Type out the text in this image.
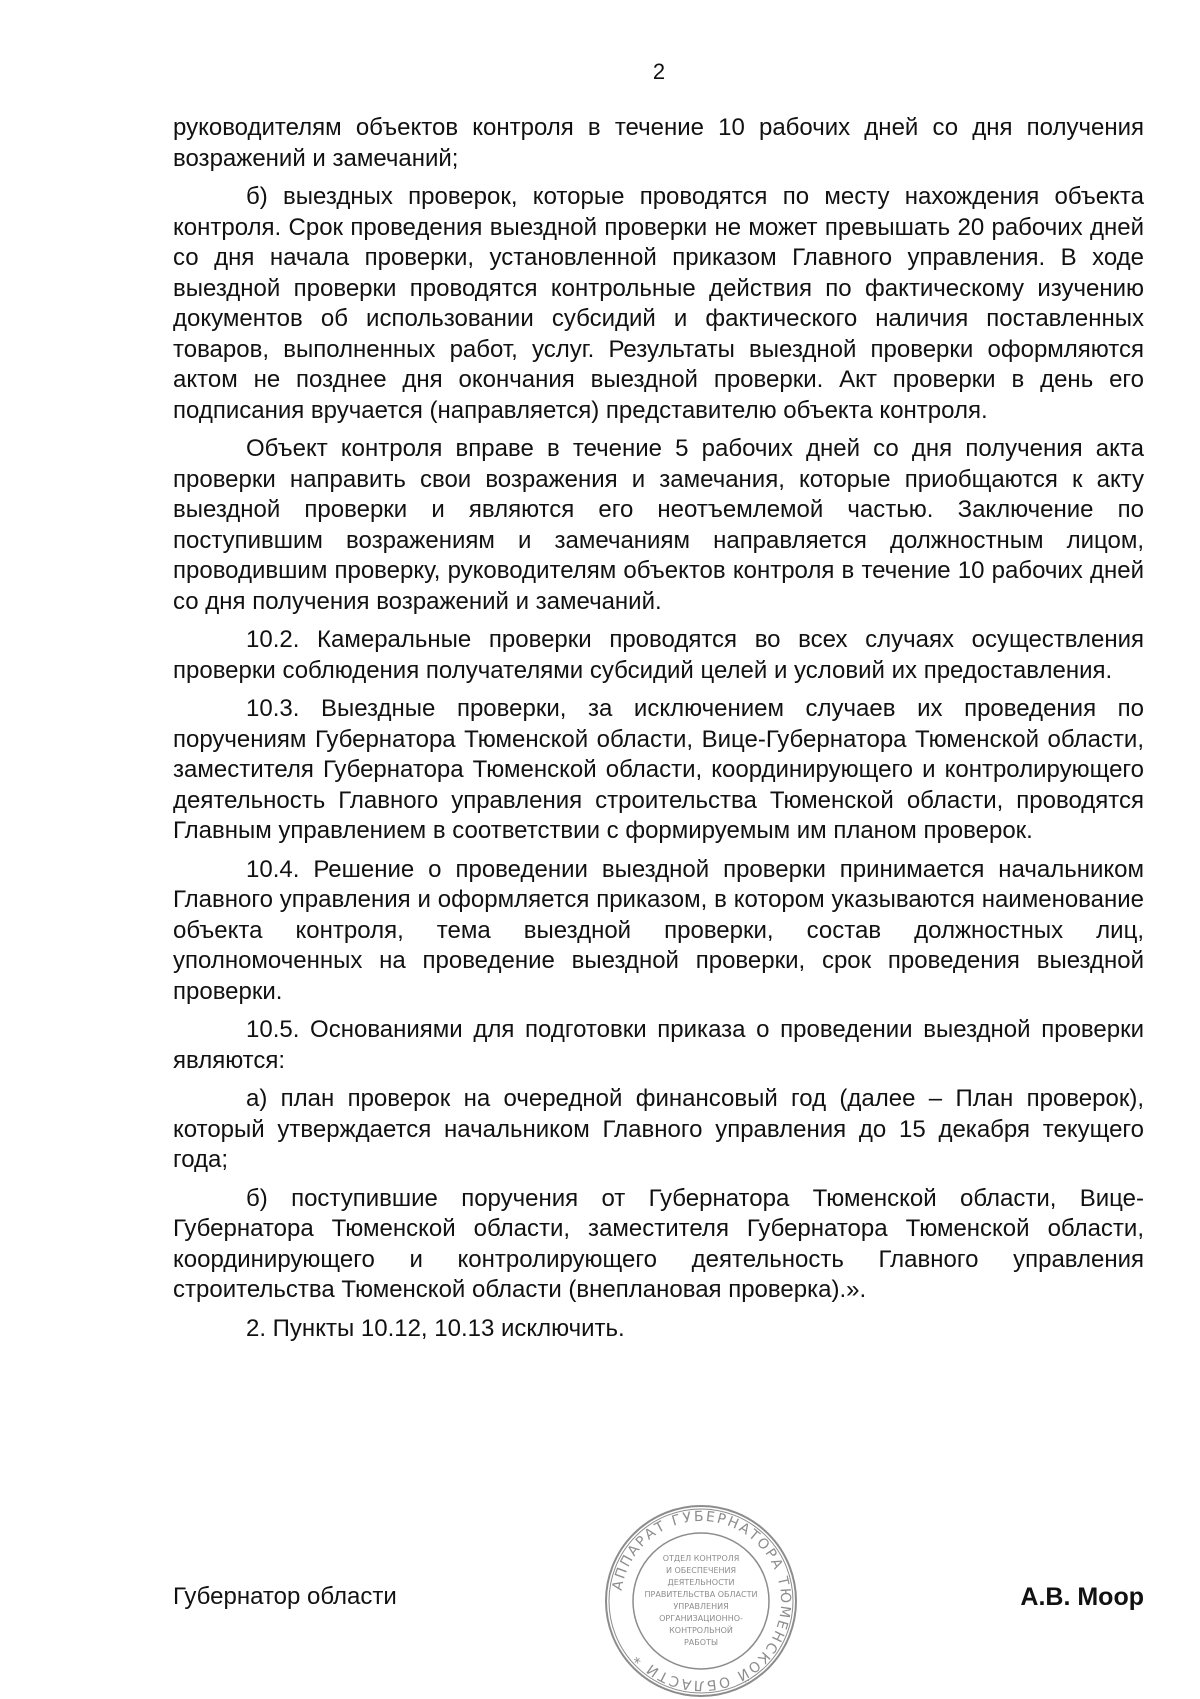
2

руководителям объектов контроля в течение 10 рабочих дней со дня получения возражений и замечаний;

б) выездных проверок, которые проводятся по месту нахождения объекта контроля. Срок проведения выездной проверки не может превышать 20 рабочих дней со дня начала проверки, установленной приказом Главного управления. В ходе выездной проверки проводятся контрольные действия по фактическому изучению документов об использовании субсидий и фактического наличия поставленных товаров, выполненных работ, услуг. Результаты выездной проверки оформляются актом не позднее дня окончания выездной проверки. Акт проверки в день его подписания вручается (направляется) представителю объекта контроля.

Объект контроля вправе в течение 5 рабочих дней со дня получения акта проверки направить свои возражения и замечания, которые приобщаются к акту выездной проверки и являются его неотъемлемой частью. Заключение по поступившим возражениям и замечаниям направляется должностным лицом, проводившим проверку, руководителям объектов контроля в течение 10 рабочих дней со дня получения возражений и замечаний.

10.2. Камеральные проверки проводятся во всех случаях осуществления проверки соблюдения получателями субсидий целей и условий их предоставления.

10.3. Выездные проверки, за исключением случаев их проведения по поручениям Губернатора Тюменской области, Вице-Губернатора Тюменской области, заместителя Губернатора Тюменской области, координирующего и контролирующего деятельность Главного управления строительства Тюменской области, проводятся Главным управлением в соответствии с формируемым им планом проверок.

10.4. Решение о проведении выездной проверки принимается начальником Главного управления и оформляется приказом, в котором указываются наименование объекта контроля, тема выездной проверки, состав должностных лиц, уполномоченных на проведение выездной проверки, срок проведения выездной проверки.

10.5. Основаниями для подготовки приказа о проведении выездной проверки являются:

а) план проверок на очередной финансовый год (далее – План проверок), который утверждается начальником Главного управления до 15 декабря текущего года;

б) поступившие поручения от Губернатора Тюменской области, Вице-Губернатора Тюменской области, заместителя Губернатора Тюменской области, координирующего и контролирующего деятельность Главного управления строительства Тюменской области (внеплановая проверка).».

2. Пункты 10.12, 10.13 исключить.

Губернатор области	А.В. Моор
АППАРАТ ГУБЕРНАТОРА ТЮМЕНСКОЙ ОБЛАСТИ *
ОТДЕЛ КОНТРОЛЯ
И ОБЕСПЕЧЕНИЯ
ДЕЯТЕЛЬНОСТИ
ПРАВИТЕЛЬСТВА ОБЛАСТИ
УПРАВЛЕНИЯ
ОРГАНИЗАЦИОННО-
КОНТРОЛЬНОЙ
РАБОТЫ
